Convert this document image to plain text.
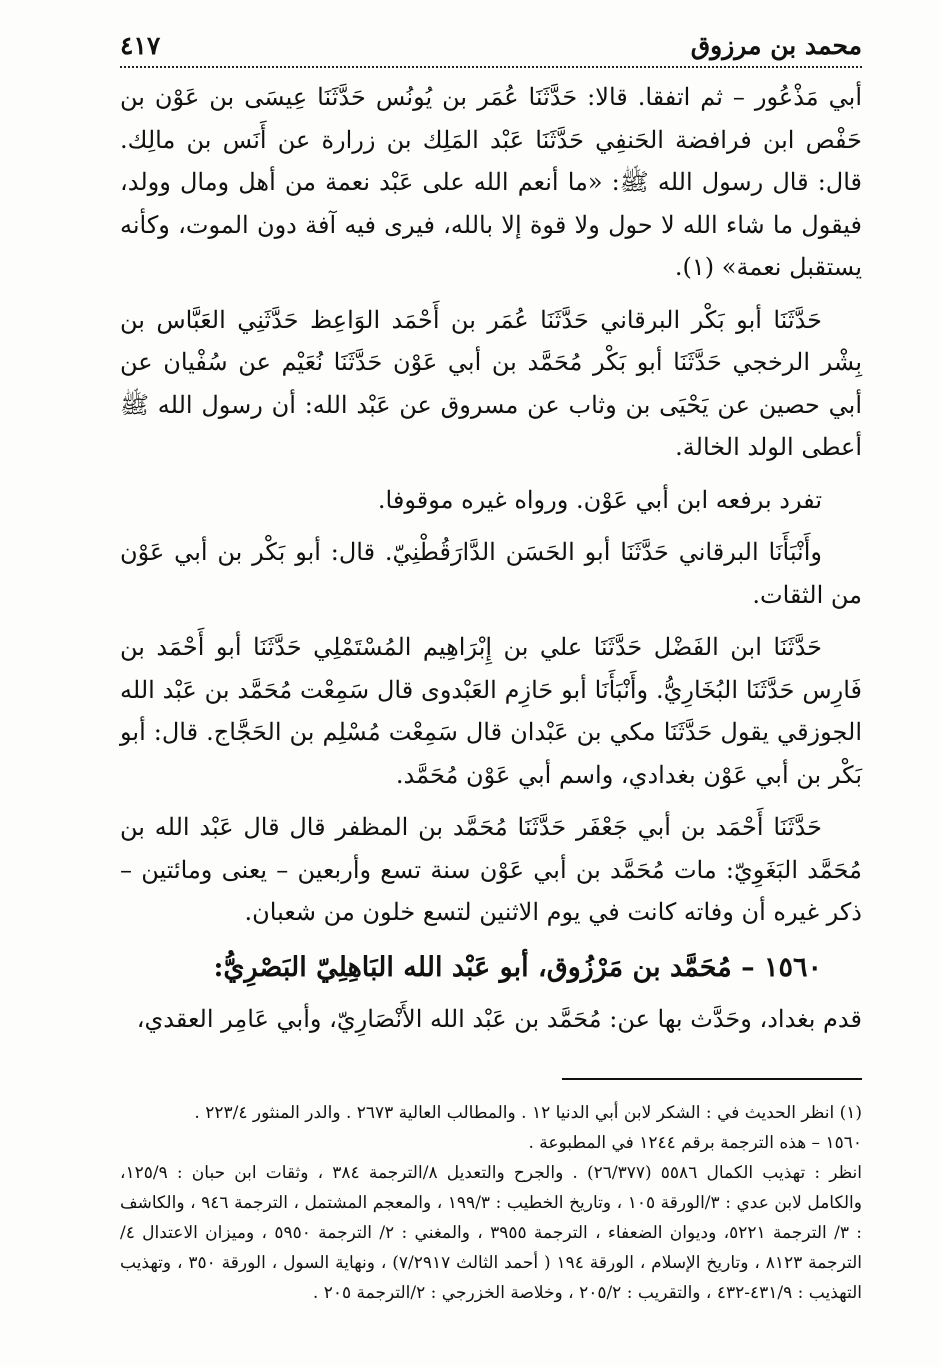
محمد بن مرزوق
٤١٧

أبي مَذْعُور – ثم اتفقا. قالا: حَدَّثَنَا عُمَر بن يُونُس حَدَّثَنَا عِيسَى بن عَوْن بن حَفْص ابن فرافضة الحَنفِي حَدَّثَنَا عَبْد المَلِك بن زرارة عن أَنَس بن مالِك. قال: قال رسول الله ﷺ: «ما أنعم الله على عَبْد نعمة من أهل ومال وولد، فيقول ما شاء الله لا حول ولا قوة إلا بالله، فيرى فيه آفة دون الموت، وكأنه يستقبل نعمة» (١).

حَدَّثَنَا أبو بَكْر البرقاني حَدَّثَنَا عُمَر بن أَحْمَد الوَاعِظ حَدَّثَنِي العَبَّاس بن بِشْر الرخجي حَدَّثَنَا أبو بَكْر مُحَمَّد بن أبي عَوْن حَدَّثَنَا نُعَيْم عن سُفْيان عن أبي حصين عن يَحْيَى بن وثاب عن مسروق عن عَبْد الله: أن رسول الله ﷺ أعطى الولد الخالة.

تفرد برفعه ابن أبي عَوْن. ورواه غيره موقوفا.

وأَنْبَأَنَا البرقاني حَدَّثَنَا أبو الحَسَن الدَّارَقُطْنِيّ. قال: أبو بَكْر بن أبي عَوْن من الثقات.

حَدَّثَنَا ابن الفَضْل حَدَّثَنَا علي بن إِبْرَاهِيم المُسْتَمْلِي حَدَّثَنَا أبو أَحْمَد بن فَارِس حَدَّثَنَا البُخَارِيُّ. وأَنْبَأَنَا أبو حَازِم العَبْدوى قال سَمِعْت مُحَمَّد بن عَبْد الله الجوزقي يقول حَدَّثَنَا مكي بن عَبْدان قال سَمِعْت مُسْلِم بن الحَجَّاج. قال: أبو بَكْر بن أبي عَوْن بغدادي، واسم أبي عَوْن مُحَمَّد.

حَدَّثَنَا أَحْمَد بن أبي جَعْفَر حَدَّثَنَا مُحَمَّد بن المظفر قال قال عَبْد الله بن مُحَمَّد البَغَوِيّ: مات مُحَمَّد بن أبي عَوْن سنة تسع وأربعين – يعنى ومائتين – ذكر غيره أن وفاته كانت في يوم الاثنين لتسع خلون من شعبان.

١٥٦٠ – مُحَمَّد بن مَرْزُوق، أبو عَبْد الله البَاهِلِيّ البَصْرِيُّ:

قدم بغداد، وحَدَّث بها عن: مُحَمَّد بن عَبْد الله الأَنْصَارِيّ، وأبي عَامِر العقدي،

(١) انظر الحديث في : الشكر لابن أبي الدنيا ١٢ . والمطالب العالية ٢٦٧٣ . والدر المنثور ٢٢٣/٤ .

١٥٦٠ – هذه الترجمة برقم ١٢٤٤ في المطبوعة .

انظر : تهذيب الكمال ٥٥٨٦ (٢٦/٣٧٧) . والجرح والتعديل ٨/الترجمة ٣٨٤ ، وثقات ابن حبان : ١٢٥/٩، والكامل لابن عدي : ٣/الورقة ١٠٥ ، وتاريخ الخطيب : ١٩٩/٣ ، والمعجم المشتمل ، الترجمة ٩٤٦ ، والكاشف : ٣/ الترجمة ٥٢٢١، وديوان الضعفاء ، الترجمة ٣٩٥٥ ، والمغني : ٢/ الترجمة ٥٩٥٠ ، وميزان الاعتدال ٤/ الترجمة ٨١٢٣ ، وتاريخ الإسلام ، الورقة ١٩٤ ( أحمد الثالث ٧/٢٩١٧) ، ونهاية السول ، الورقة ٣٥٠ ، وتهذيب التهذيب : ٤٣١/٩-٤٣٢ ، والتقريب : ٢٠٥/٢ ، وخلاصة الخزرجي : ٢/الترجمة ٢٠٥ .
